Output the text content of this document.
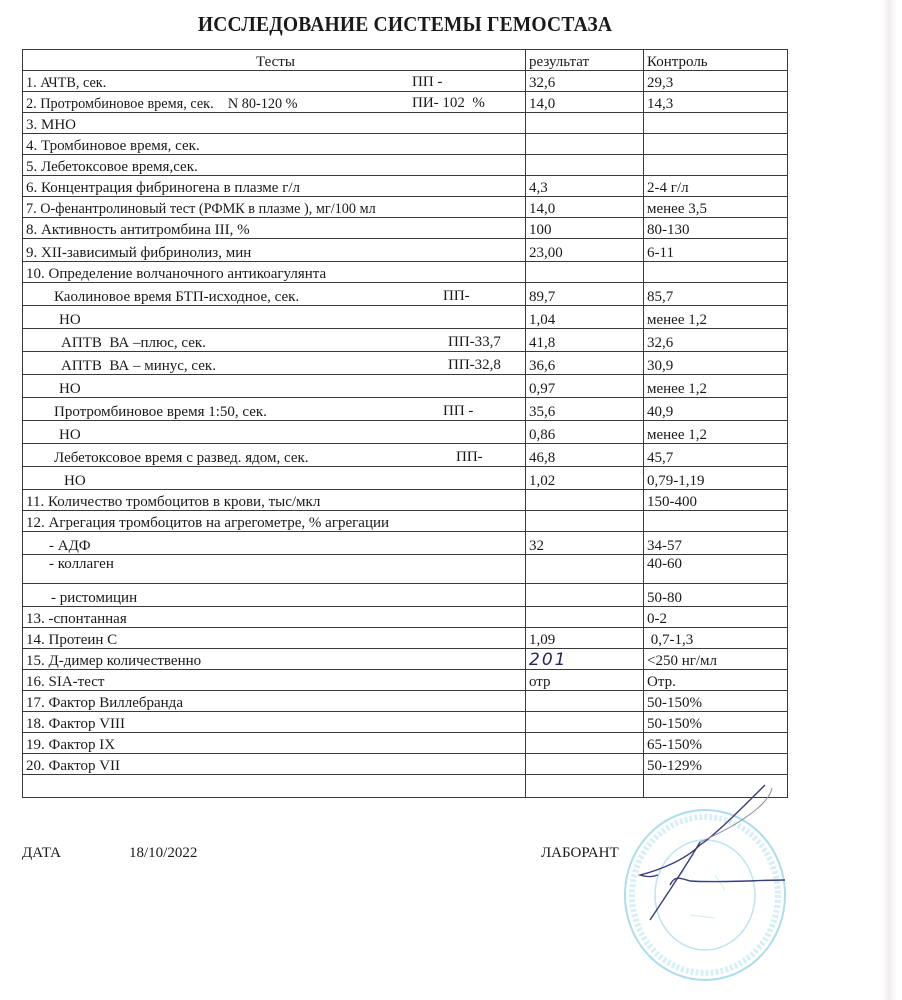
ИССЛЕДОВАНИЕ СИСТЕМЫ ГЕМОСТАЗА
Тесты	результат	Контроль
1. АЧТВ, сек. ПП -	32,6	29,3
2. Протромбиновое время, сек.    N 80-120 % ПИ- 102  %	14,0	14,3
3. МНО		
4. Тромбиновое время, сек.		
5. Лебетоксовое время,сек.		
6. Концентрация фибриногена в плазме г/л	4,3	2-4 г/л
7. О-фенантролиновый тест (РФМК в плазме ), мг/100 мл	14,0	менее 3,5
8. Активность антитромбина III, %	100	80-130
9. XII-зависимый фибринолиз, мин	23,00	6-11
10. Определение волчаночного антикоагулянта		
Каолиновое время БТП-исходное, сек. ПП-	89,7	85,7
НО	1,04	менее 1,2
АПТВ  ВА –плюс, сек. ПП-33,7	41,8	32,6
АПТВ  ВА – минус, сек. ПП-32,8	36,6	30,9
НО	0,97	менее 1,2
Протромбиновое время 1:50, сек. ПП -	35,6	40,9
НО	0,86	менее 1,2
Лебетоксовое время с развед. ядом, сек. ПП-	46,8	45,7
НО	1,02	0,79-1,19
11. Количество тромбоцитов в крови, тыс/мкл		150-400
12. Агрегация тромбоцитов на агрегометре, % агрегации		
- АДФ	32	34-57
- коллаген		40-60
- ристомицин		50-80
13. -спонтанная		0-2
14. Протеин С	1,09	0,7-1,3
15. Д-димер количественно	201	<250 нг/мл
16. SIA-тест	отр	Отр.
17. Фактор Виллебранда		50-150%
18. Фактор VIII		50-150%
19. Фактор IX		65-150%
20. Фактор VII		50-129%

ДАТА	18/10/2022	ЛАБОРАНТ
